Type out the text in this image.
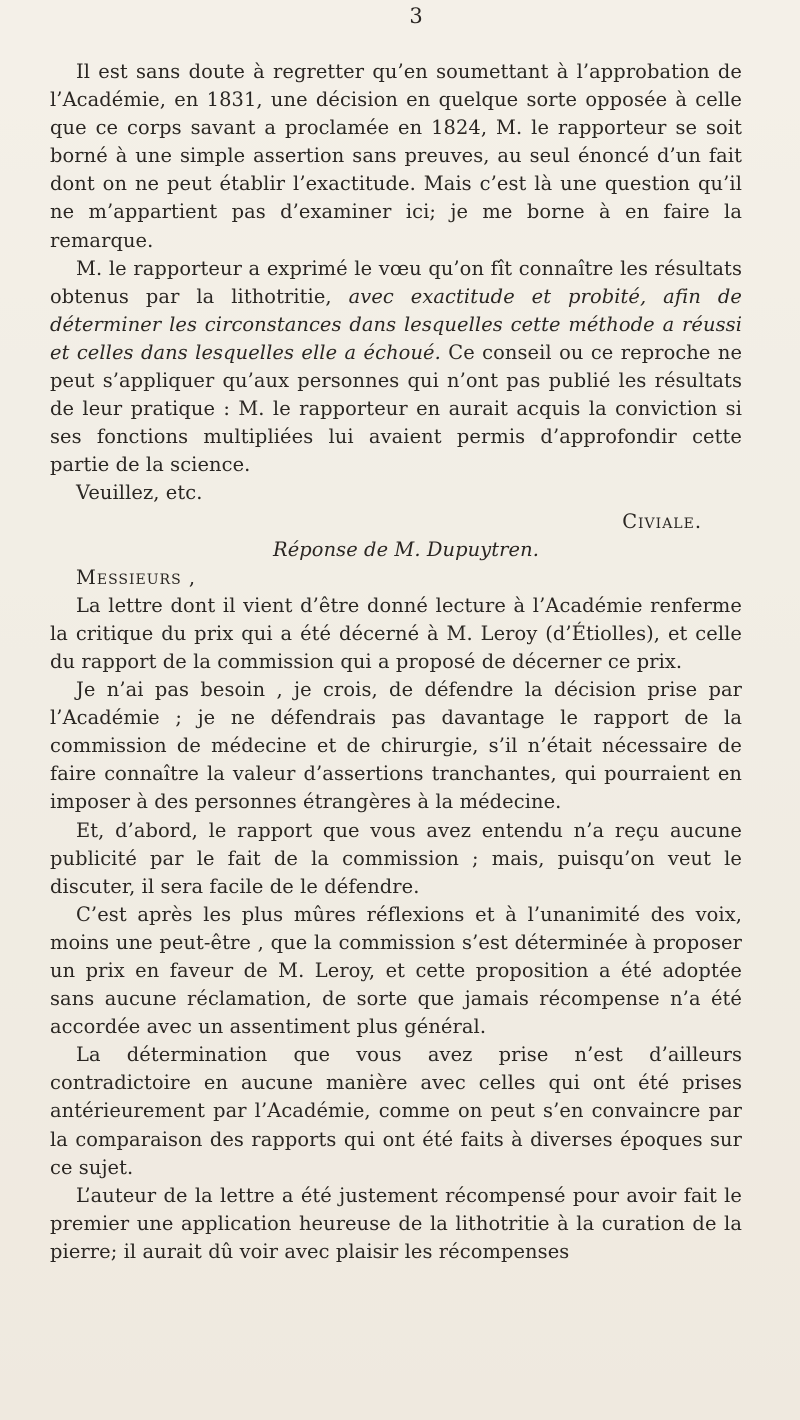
3

Il est sans doute à regretter qu’en soumettant à l’approbation de l’Académie, en 1831, une décision en quelque sorte opposée à celle que ce corps savant a proclamée en 1824, M. le rapporteur se soit borné à une simple assertion sans preuves, au seul énoncé d’un fait dont on ne peut établir l’exactitude. Mais c’est là une question qu’il ne m’appartient pas d’examiner ici; je me borne à en faire la remarque.

M. le rapporteur a exprimé le vœu qu’on fît connaître les résultats obtenus par la lithotritie, avec exactitude et probité, afin de déterminer les circonstances dans lesquelles cette méthode a réussi et celles dans lesquelles elle a échoué. Ce conseil ou ce reproche ne peut s’appliquer qu’aux personnes qui n’ont pas publié les résultats de leur pratique : M. le rapporteur en aurait acquis la conviction si ses fonctions multipliées lui avaient permis d’approfondir cette partie de la science.

Veuillez, etc.

Civiale.

Réponse de M. Dupuytren.

Messieurs ,

La lettre dont il vient d’être donné lecture à l’Académie renferme la critique du prix qui a été décerné à M. Leroy (d’Étiolles), et celle du rapport de la commission qui a proposé de décerner ce prix.

Je n’ai pas besoin , je crois, de défendre la décision prise par l’Académie ; je ne défendrais pas davantage le rapport de la commission de médecine et de chirurgie, s’il n’était nécessaire de faire connaître la valeur d’assertions tranchantes, qui pourraient en imposer à des personnes étrangères à la médecine.

Et, d’abord, le rapport que vous avez entendu n’a reçu aucune publicité par le fait de la commission ; mais, puisqu’on veut le discuter, il sera facile de le défendre.

C’est après les plus mûres réflexions et à l’unanimité des voix, moins une peut-être , que la commission s’est déterminée à proposer un prix en faveur de M. Leroy, et cette proposition a été adoptée sans aucune réclamation, de sorte que jamais récompense n’a été accordée avec un assentiment plus général.

La détermination que vous avez prise n’est d’ailleurs contradictoire en aucune manière avec celles qui ont été prises antérieurement par l’Académie, comme on peut s’en convaincre par la comparaison des rapports qui ont été faits à diverses époques sur ce sujet.

L’auteur de la lettre a été justement récompensé pour avoir fait le premier une application heureuse de la lithotritie à la curation de la pierre; il aurait dû voir avec plaisir les récompenses
